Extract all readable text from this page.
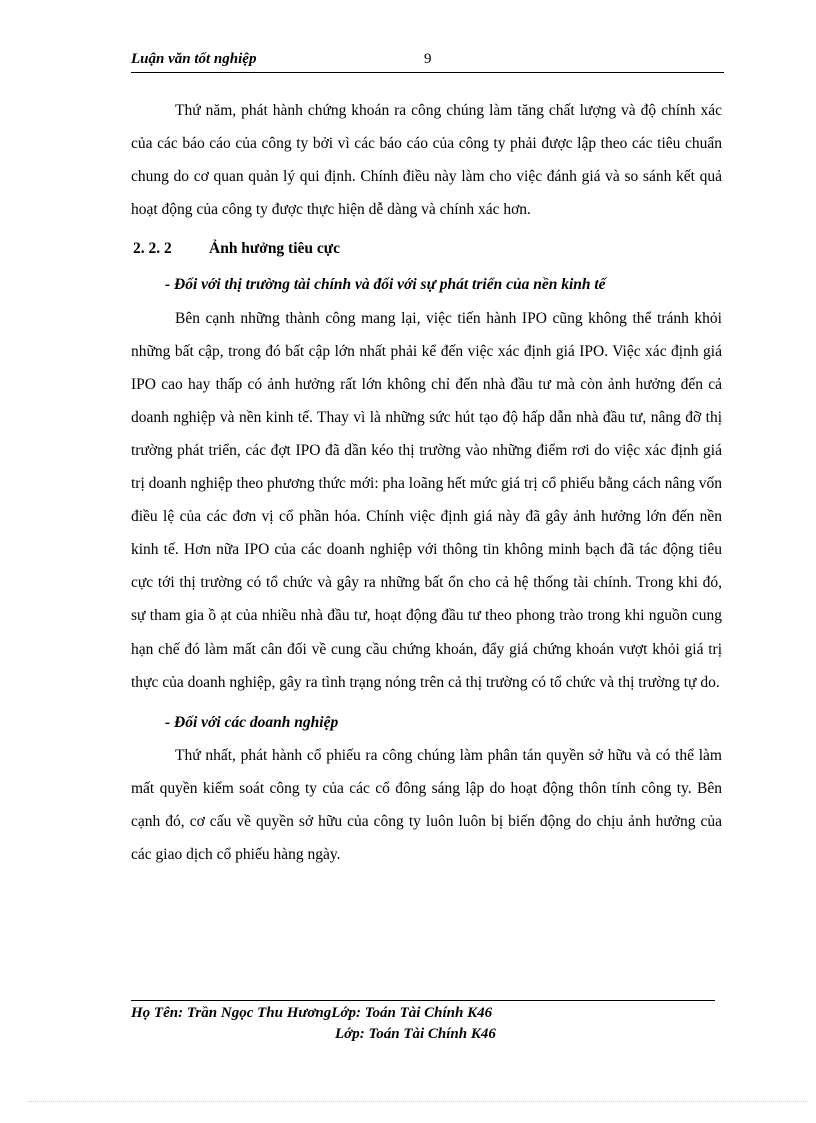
Luận văn tốt nghiệp	9

Thứ năm, phát hành chứng khoán ra công chúng làm tăng chất lượng và độ chính xác của các báo cáo của công ty bởi vì các báo cáo của công ty phải được lập theo các tiêu chuẩn chung do cơ quan quản lý qui định. Chính điều này làm cho việc đánh giá và so sánh kết quả hoạt động của công ty được thực hiện dễ dàng và chính xác hơn.

2. 2. 2 Ảnh hưởng tiêu cực

- Đối với thị trường tài chính và đối với sự phát triển của nền kinh tế

Bên cạnh những thành công mang lại, việc tiến hành IPO cũng không thể tránh khỏi những bất cập, trong đó bất cập lớn nhất phải kể đến việc xác định giá IPO. Việc xác định giá IPO cao hay thấp có ảnh hưởng rất lớn không chỉ đến nhà đầu tư mà còn ảnh hưởng đến cả doanh nghiệp và nền kinh tế. Thay vì là những sức hút tạo độ hấp dẫn nhà đầu tư, nâng đỡ thị trường phát triển, các đợt IPO đã dần kéo thị trường vào những điểm rơi do việc xác định giá trị doanh nghiệp theo phương thức mới: pha loãng hết mức giá trị cổ phiếu bằng cách nâng vốn điều lệ của các đơn vị cổ phần hóa. Chính việc định giá này đã gây ảnh hưởng lớn đến nền kinh tế. Hơn nữa IPO của các doanh nghiệp với thông tin không minh bạch đã tác động tiêu cực tới thị trường có tổ chức và gây ra những bất ổn cho cả hệ thống tài chính. Trong khi đó, sự tham gia ồ ạt của nhiều nhà đầu tư, hoạt động đầu tư theo phong trào trong khi nguồn cung hạn chế đó làm mất cân đối về cung cầu chứng khoán, đẩy giá chứng khoán vượt khỏi giá trị thực của doanh nghiệp, gây ra tình trạng nóng trên cả thị trường có tổ chức và thị trường tự do.

- Đối với các doanh nghiệp

Thứ nhất, phát hành cổ phiếu ra công chúng làm phân tán quyền sở hữu và có thể làm mất quyền kiểm soát công ty của các cổ đông sáng lập do hoạt động thôn tính công ty. Bên cạnh đó, cơ cấu về quyền sở hữu của công ty luôn luôn bị biến động do chịu ảnh hưởng của các giao dịch cổ phiếu hàng ngày.

Họ Tên: Trần Ngọc Thu HươngLớp: Toán Tài Chính K46
Lớp: Toán Tài Chính K46
